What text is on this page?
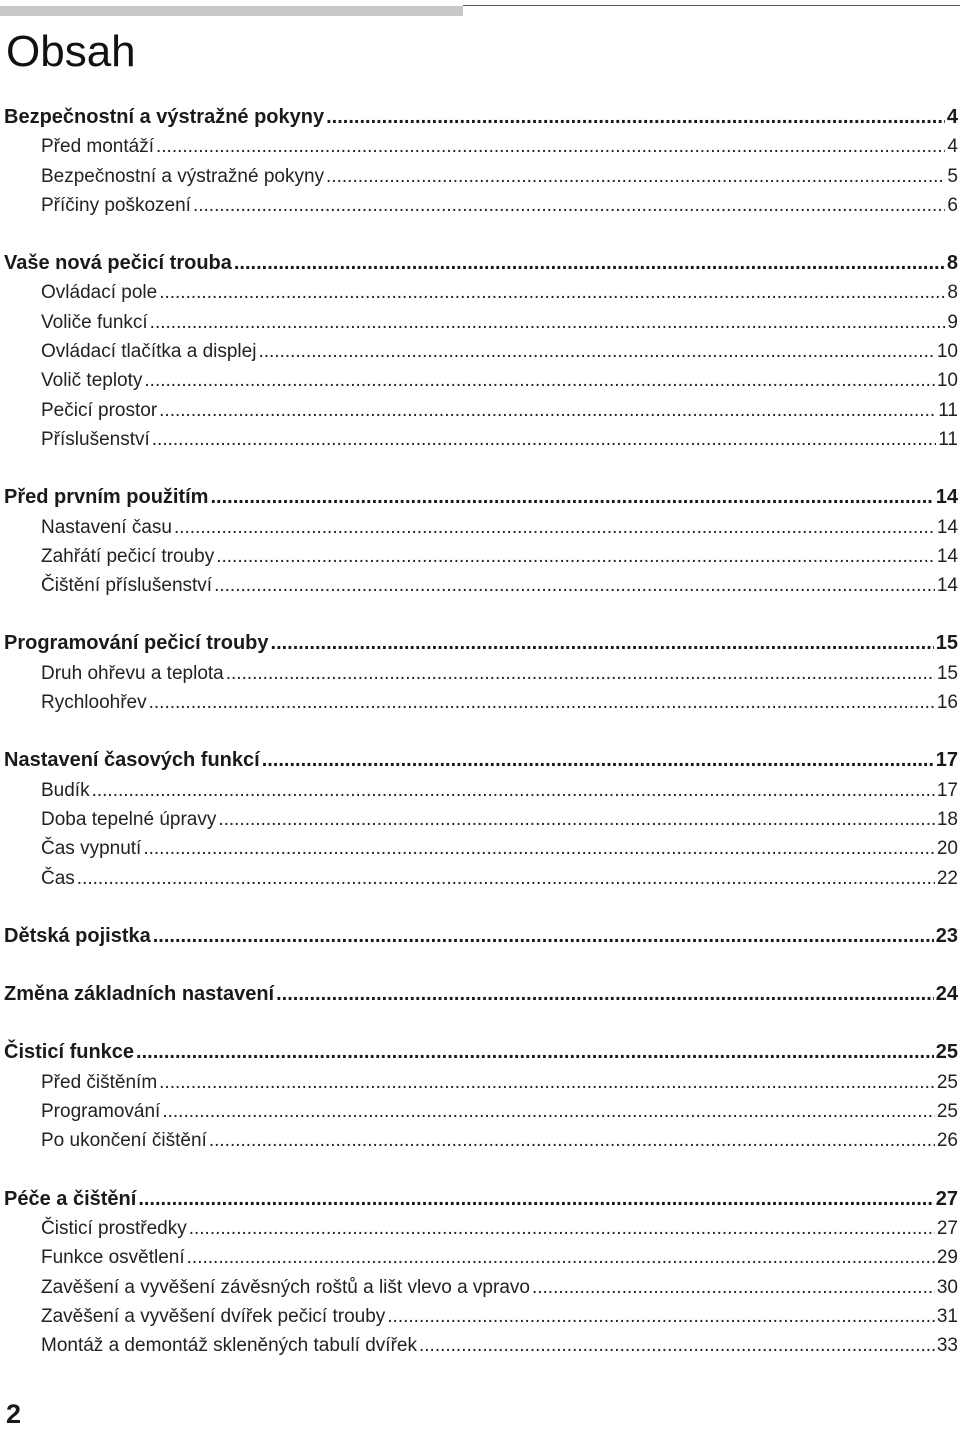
Obsah
Bezpečnostní a výstražné pokyny .....	4
Před montáží .....	4
Bezpečnostní a výstražné pokyny .....	5
Příčiny poškození .....	6
Vaše nová pečicí trouba .....	8
Ovládací pole .....	8
Voliče funkcí .....	9
Ovládací tlačítka a displej .....	10
Volič teploty .....	10
Pečicí prostor .....	11
Příslušenství .....	11
Před prvním použitím .....	14
Nastavení času .....	14
Zahřátí pečicí trouby .....	14
Čištění příslušenství .....	14
Programování pečicí trouby .....	15
Druh ohřevu a teplota .....	15
Rychloohřev .....	16
Nastavení časových funkcí .....	17
Budík .....	17
Doba tepelné úpravy .....	18
Čas vypnutí .....	20
Čas .....	22
Dětská pojistka .....	23
Změna základních nastavení .....	24
Čisticí funkce .....	25
Před čištěním .....	25
Programování .....	25
Po ukončení čištění .....	26
Péče a čištění .....	27
Čisticí prostředky .....	27
Funkce osvětlení .....	29
Zavěšení a vyvěšení závěsných roštů a lišt vlevo a vpravo .....	30
Zavěšení a vyvěšení dvířek pečicí trouby .....	31
Montáž a demontáž skleněných tabulí dvířek .....	33
2
